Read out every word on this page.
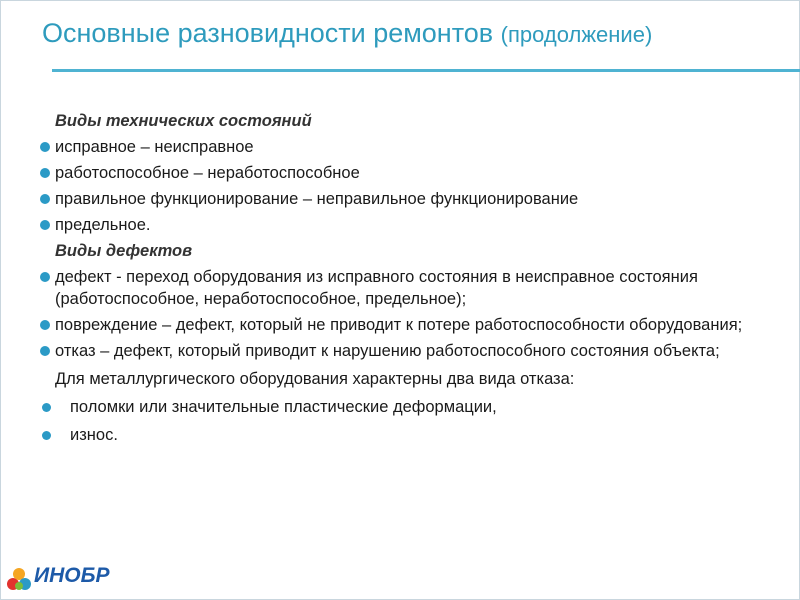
Основные разновидности ремонтов (продолжение)
Виды технических состояний
исправное – неисправное
работоспособное – неработоспособное
правильное функционирование – неправильное функционирование
предельное.
Виды дефектов
дефект - переход оборудования из исправного состояния в неисправное состояния (работоспособное, неработоспособное, предельное);
повреждение – дефект, который не приводит к потере работоспособности оборудования;
отказ – дефект, который приводит к нарушению работоспособного состояния объекта;
Для металлургического оборудования характерны два вида отказа:
поломки или значительные пластические деформации,
износ.
ИНОБР
